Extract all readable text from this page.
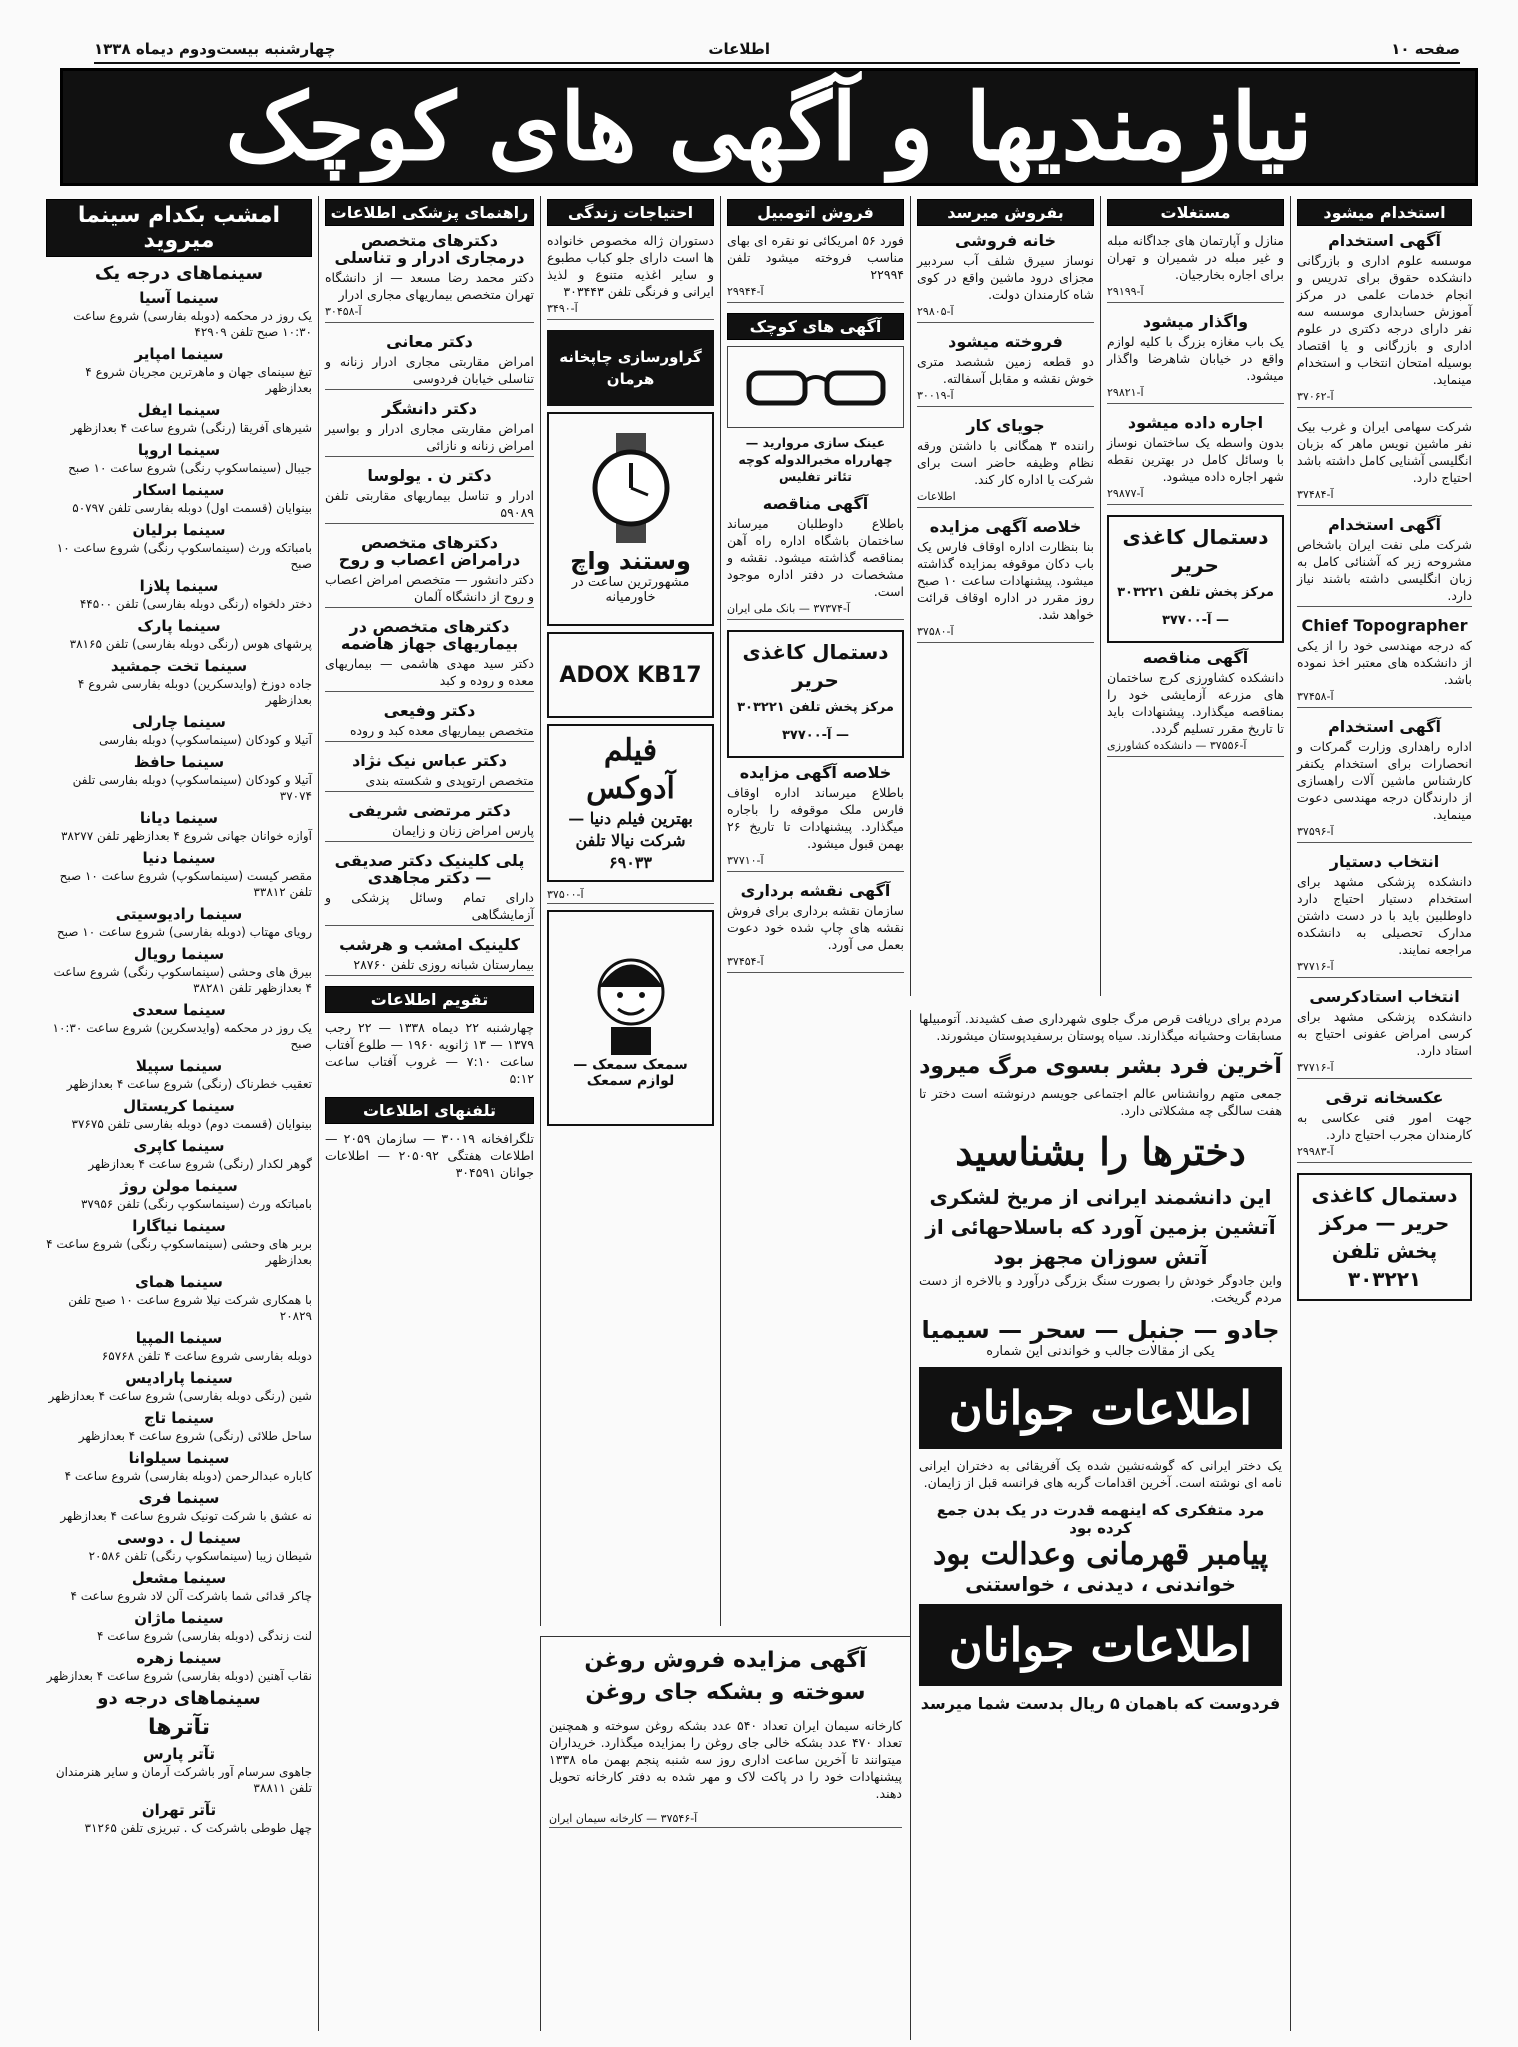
صفحه ۱۰
اطلاعات
چهارشنبه بیست‌ودوم دیماه ۱۳۳۸
نیازمندیها و آگهی های کوچک
استخدام میشود
آگهی استخدام
موسسه علوم اداری و بازرگانی دانشکده حقوق برای تدریس و انجام خدمات علمی در مرکز آموزش حسابداری موسسه سه نفر دارای درجه دکتری در علوم اداری و بازرگانی و یا اقتصاد بوسیله امتحان انتخاب و استخدام مینماید.
آ-۳۷۰۶۲
شرکت سهامی ایران و غرب بیک نفر ماشین نویس ماهر که بزبان انگلیسی آشنایی کامل داشته باشد احتیاج دارد.
آ-۳۷۴۸۴
آگهی استخدام
شرکت ملی نفت ایران باشخاص مشروحه زیر که آشنائی کامل به زبان انگلیسی داشته باشند نیاز دارد.
Chief Topographer
که درجه مهندسی خود را از یکی از دانشکده های معتبر اخذ نموده باشد.
آ-۳۷۴۵۸
آگهی استخدام
اداره راهداری وزارت گمرکات و انحصارات برای استخدام یکنفر کارشناس ماشین آلات راهسازی از دارندگان درجه مهندسی دعوت مینماید.
آ-۳۷۵۹۶
انتخاب دستیار
دانشکده پزشکی مشهد برای استخدام دستیار احتیاج دارد داوطلبین باید با در دست داشتن مدارک تحصیلی به دانشکده مراجعه نمایند.
آ-۳۷۷۱۶
انتخاب استادکرسی
دانشکده پزشکی مشهد برای کرسی امراض عفونی احتیاج به استاد دارد.
آ-۳۷۷۱۶
عکسخانه ترقی
جهت امور فنی عکاسی به کارمندان مجرب احتیاج دارد.
آ-۲۹۹۸۳
دستمال کاغذی حریر — مرکز پخش تلفن ۳۰۳۲۲۱
مستغلات
منازل و آپارتمان های جداگانه مبله و غیر مبله در شمیران و تهران برای اجاره بخارجیان.
آ-۲۹۱۹۹
واگذار میشود
یک باب مغازه بزرگ با کلیه لوازم واقع در خیابان شاهرضا واگذار میشود.
آ-۲۹۸۲۱
اجاره داده میشود
بدون واسطه یک ساختمان نوساز با وسائل کامل در بهترین نقطه شهر اجاره داده میشود.
آ-۲۹۸۷۷
دستمال کاغذی حریر
مرکز پخش تلفن ۳۰۳۲۲۱ — آ-۳۷۷۰۰
آگهی مناقصه
دانشکده کشاورزی کرج ساختمان های مزرعه آزمایشی خود را بمناقصه میگذارد. پیشنهادات باید تا تاریخ مقرر تسلیم گردد.
آ-۳۷۵۵۶ — دانشکده کشاورزی
بفروش میرسد
خانه فروشی
نوساز سیرق شلف آب سردبیر مجزای درود ماشین واقع در کوی شاه کارمندان دولت.
آ-۲۹۸۰۵
فروخته میشود
دو قطعه زمین ششصد متری خوش نقشه و مقابل آسفالته.
آ-۳۰۰۱۹
جویای کار
راننده ۳ همگانی با داشتن ورقه نظام وظیفه حاضر است برای شرکت یا اداره کار کند.
اطلاعات
خلاصه آگهی مزایده
بنا بنظارت اداره اوقاف فارس یک باب دکان موقوفه بمزایده گذاشته میشود. پیشنهادات ساعت ۱۰ صبح روز مقرر در اداره اوقاف قرائت خواهد شد.
آ-۳۷۵۸۰
فروش اتومبیل
فورد ۵۶ امریکائی نو نقره ای بهای مناسب فروخته میشود تلفن ۲۲۹۹۴
آ-۲۹۹۴۴
آگهی های کوچک
عینک سازی مروارید — چهارراه مخبرالدوله کوچه تئاتر تفلیس
آگهی مناقصه
باطلاع داوطلبان میرساند ساختمان باشگاه اداره راه آهن بمناقصه گذاشته میشود. نقشه و مشخصات در دفتر اداره موجود است.
آ-۳۷۳۷۴ — بانک ملی ایران
دستمال کاغذی حریر
مرکز پخش تلفن ۳۰۳۲۲۱ — آ-۳۷۷۰۰
خلاصه آگهی مزایده
باطلاع میرساند اداره اوقاف فارس ملک موقوفه را باجاره میگذارد. پیشنهادات تا تاریخ ۲۶ بهمن قبول میشود.
آ-۳۷۷۱۰
آگهی نقشه برداری
سازمان نقشه برداری برای فروش نقشه های چاپ شده خود دعوت بعمل می آورد.
آ-۳۷۴۵۴
احتیاجات زندگی
دستوران ژاله مخصوص خانواده ها است دارای جلو کباب مطبوع و سایر اغذیه متنوع و لذیذ ایرانی و فرنگی تلفن ۳۰۳۴۴۳
آ-۳۴۹۰
گراورسازی چاپخانه هرمان
وستند واچ
مشهورترین ساعت در خاورمیانه
ADOX KB17
فیلم آدوکس
بهترین فیلم دنیا — شرکت نیالا تلفن ۶۹۰۳۳
آ-۳۷۵۰۰
سمعک سمعک — لوازم سمعک
راهنمای پزشکی اطلاعات
دکترهای متخصص درمجاری ادرار و تناسلی
دکتر محمد رضا مسعد — از دانشگاه تهران متخصص بیماریهای مجاری ادرار
آ-۳۰۴۵۸
دکتر معانی
امراض مقاربتی مجاری ادرار زنانه و تناسلی خیابان فردوسی
دکتر دانشگر
امراض مقاربتی مجاری ادرار و بواسیر امراض زنانه و نازائی
دکتر ن . یولوسا
ادرار و تناسل بیماریهای مقاربتی تلفن ۵۹۰۸۹
دکترهای متخصص درامراض اعصاب و روح
دکتر دانشور — متخصص امراض اعصاب و روح از دانشگاه آلمان
دکترهای متخصص در بیماریهای جهاز هاضمه
دکتر سید مهدی هاشمی — بیماریهای معده و روده و کبد
دکتر وفیعی
متخصص بیماریهای معده کبد و روده
دکتر عباس نیک نژاد
متخصص ارتوپدی و شکسته بندی
دکتر مرتضی شریفی
پارس امراض زنان و زایمان
پلی کلینیک دکتر صدیقی — دکتر مجاهدی
دارای تمام وسائل پزشکی و آزمایشگاهی
کلینیک امشب و هرشب
بیمارستان شبانه روزی تلفن ۲۸۷۶۰
تقویم اطلاعات
چهارشنبه ۲۲ دیماه ۱۳۳۸ — ۲۲ رجب ۱۳۷۹ — ۱۳ ژانویه ۱۹۶۰ — طلوع آفتاب ساعت ۷:۱۰ — غروب آفتاب ساعت ۵:۱۲
تلفنهای اطلاعات
تلگرافخانه ۳۰۰۱۹ — سازمان ۲۰۵۹ — اطلاعات هفتگی ۲۰۵۰۹۲ — اطلاعات جوانان ۳۰۴۵۹۱
امشب بکدام سینما میروید
سینماهای درجه یک
سینما آسیا

یک روز در محکمه (دوبله بفارسی) شروع ساعت ۱۰:۳۰ صبح تلفن ۴۲۹۰۹

سینما امپایر

تیغ سینمای جهان و ماهرترین مجریان شروع ۴ بعدازظهر

سینما ایفل

شیرهای آفریقا (رنگی) شروع ساعت ۴ بعدازظهر

سینما اروپا

جیبال (سینماسکوپ رنگی) شروع ساعت ۱۰ صبح

سینما اسکار

بینوایان (قسمت اول) دوبله بفارسی تلفن ۵۰۷۹۷

سینما برلیان

بامباتکه ورث (سینماسکوپ رنگی) شروع ساعت ۱۰ صبح

سینما پلازا

دختر دلخواه (رنگی دوبله بفارسی) تلفن ۴۴۵۰۰

سینما پارک

پرشهای هوس (رنگی دوبله بفارسی) تلفن ۳۸۱۶۵

سینما تخت جمشید

جاده دوزخ (وایدسکرین) دوبله بفارسی شروع ۴ بعدازظهر

سینما چارلی

آتیلا و کودکان (سینماسکوپ) دوبله بفارسی

سینما حافظ

آتیلا و کودکان (سینماسکوپ) دوبله بفارسی تلفن ۳۷۰۷۴

سینما دیانا

آوازه خوانان جهانی شروع ۴ بعدازظهر تلفن ۳۸۲۷۷

سینما دنیا

مقصر کیست (سینماسکوپ) شروع ساعت ۱۰ صبح تلفن ۳۳۸۱۲

سینما رادیوسیتی

رویای مهتاب (دوبله بفارسی) شروع ساعت ۱۰ صبح

سینما رویال

بیرق های وحشی (سینماسکوپ رنگی) شروع ساعت ۴ بعدازظهر تلفن ۳۸۲۸۱

سینما سعدی

یک روز در محکمه (وایدسکرین) شروع ساعت ۱۰:۳۰ صبح

سینما سپیلا

تعقیب خطرناک (رنگی) شروع ساعت ۴ بعدازظهر

سینما کریستال

بینوایان (قسمت دوم) دوبله بفارسی تلفن ۳۷۶۷۵

سینما کاپری

گوهر لکدار (رنگی) شروع ساعت ۴ بعدازظهر

سینما مولن روژ

بامباتکه ورث (سینماسکوپ رنگی) تلفن ۳۷۹۵۶

سینما نیاگارا

بربر های وحشی (سینماسکوپ رنگی) شروع ساعت ۴ بعدازظهر

سینما همای

با همکاری شرکت نیلا شروع ساعت ۱۰ صبح تلفن ۲۰۸۲۹

سینما المپیا

دوبله بفارسی شروع ساعت ۴ تلفن ۶۵۷۶۸

سینما پارادیس

شین (رنگی دوبله بفارسی) شروع ساعت ۴ بعدازظهر

سینما تاج

ساحل طلائی (رنگی) شروع ساعت ۴ بعدازظهر

سینما سیلوانا

کاباره عبدالرحمن (دوبله بفارسی) شروع ساعت ۴

سینما فری

نه عشق با شرکت تونیک شروع ساعت ۴ بعدازظهر

سینما ل . دوسی

شیطان زیبا (سینماسکوپ رنگی) تلفن ۲۰۵۸۶

سینما مشعل

چاکر قدائی شما باشرکت آلن لاد شروع ساعت ۴

سینما ماژان

لنت زندگی (دوبله بفارسی) شروع ساعت ۴

سینما زهره

نقاب آهنین (دوبله بفارسی) شروع ساعت ۴ بعدازظهر

سینماهای درجه دو
تآترها
تآتر پارس

جاهوی سرسام آور باشرکت آرمان و سایر هنرمندان تلفن ۳۸۸۱۱

تآتر تهران

چهل طوطی باشرکت ک . تبریزی تلفن ۳۱۲۶۵

مردم برای دریافت قرص مرگ جلوی شهرداری صف کشیدند. آتومبیلها مسابقات وحشیانه میگذارند. سیاه پوستان برسفیدپوستان میشورند.
آخرین فرد بشر بسوی مرگ میرود
جمعی متهم روانشناس عالم اجتماعی جویسم درنوشته است دختر تا هفت سالگی چه مشکلاتی دارد.
دخترها را بشناسید
این دانشمند ایرانی از مریخ لشکری آتشین بزمین آورد که باسلاحهائی از آتش سوزان مجهز بود
واین جادوگر خودش را بصورت سنگ بزرگی درآورد و بالاخره از دست مردم گریخت.
جادو — جنبل — سحر — سیمیا
یکی از مقالات جالب و خواندنی این شماره
اطلاعات جوانان
یک دختر ایرانی که گوشه‌نشین شده یک آفریقائی به دختران ایرانی نامه ای نوشته است. آخرین اقدامات گربه های فرانسه قبل از زایمان.
مرد متفکری که اینهمه قدرت در یک بدن جمع کرده بود
پیامبر قهرمانی وعدالت بود
خواندنی ، دیدنی ، خواستنی
اطلاعات جوانان
فردوست که باهمان ۵ ریال بدست شما میرسد
آگهی مزایده فروش روغن سوخته و بشکه جای روغن
کارخانه سیمان ایران تعداد ۵۴۰ عدد بشکه روغن سوخته و همچنین تعداد ۴۷۰ عدد بشکه خالی جای روغن را بمزایده میگذارد. خریداران میتوانند تا آخرین ساعت اداری روز سه شنبه پنجم بهمن ماه ۱۳۳۸ پیشنهادات خود را در پاکت لاک و مهر شده به دفتر کارخانه تحویل دهند.
آ-۳۷۵۴۶ — کارخانه سیمان ایران
